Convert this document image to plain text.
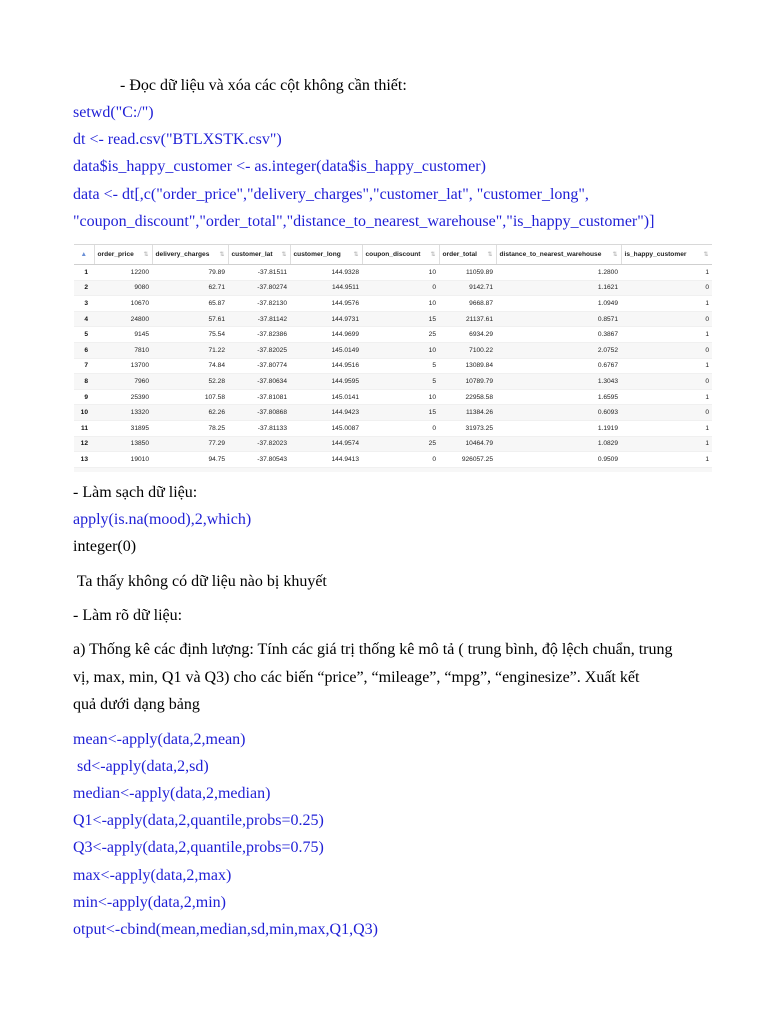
- Đọc dữ liệu và xóa các cột không cần thiết:
setwd("C:/")
dt <- read.csv("BTLXSTK.csv")
data$is_happy_customer <- as.integer(data$is_happy_customer)
data <- dt[,c("order_price","delivery_charges","customer_lat", "customer_long",
"coupon_discount","order_total","distance_to_nearest_warehouse","is_happy_customer")]
▲	order_price ⇅	delivery_charges ⇅	customer_lat ⇅	customer_long ⇅	coupon_discount ⇅	order_total ⇅	distance_to_nearest_warehouse ⇅	is_happy_customer ⇅

1	12200	79.89	-37.81511	144.9328	10	11059.89	1.2800	1
2	9080	62.71	-37.80274	144.9511	0	9142.71	1.1621	0
3	10670	65.87	-37.82130	144.9576	10	9668.87	1.0949	1
4	24800	57.61	-37.81142	144.9731	15	21137.61	0.8571	0
5	9145	75.54	-37.82386	144.9699	25	6934.29	0.3867	1
6	7810	71.22	-37.82025	145.0149	10	7100.22	2.0752	0
7	13700	74.84	-37.80774	144.9516	5	13089.84	0.6767	1
8	7960	52.28	-37.80634	144.9595	5	10789.79	1.3043	0
9	25390	107.58	-37.81081	145.0141	10	22958.58	1.6595	1
10	13320	62.26	-37.80868	144.9423	15	11384.26	0.6093	0
11	31895	78.25	-37.81133	145.0087	0	31973.25	1.1919	1
12	13850	77.29	-37.82023	144.9574	25	10464.79	1.0829	1
13	19010	94.75	-37.80543	144.9413	0	926057.25	0.9509	1

- Làm sạch dữ liệu:
apply(is.na(mood),2,which)
integer(0)
Ta thấy không có dữ liệu nào bị khuyết
- Làm rõ dữ liệu:
a) Thống kê các định lượng: Tính các giá trị thống kê mô tả ( trung bình, độ lệch chuẩn, trung
vị, max, min, Q1 và Q3) cho các biến “price”, “mileage”, “mpg”, “enginesize”. Xuất kết
quả dưới dạng bảng
mean<-apply(data,2,mean)
sd<-apply(data,2,sd)
median<-apply(data,2,median)
Q1<-apply(data,2,quantile,probs=0.25)
Q3<-apply(data,2,quantile,probs=0.75)
max<-apply(data,2,max)
min<-apply(data,2,min)
otput<-cbind(mean,median,sd,min,max,Q1,Q3)
